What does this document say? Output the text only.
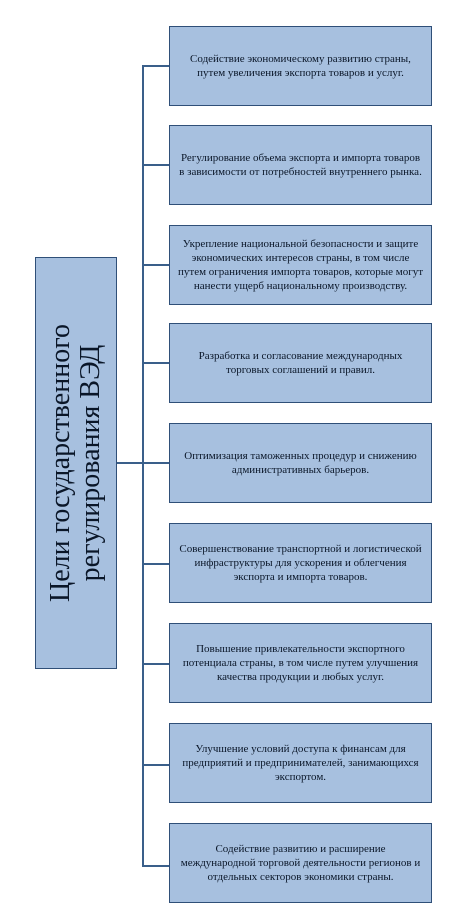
Цели государственного регулирования ВЭД
Содействие экономическому развитию страны, путем увеличения экспорта товаров и услуг.
Регулирование объема экспорта и импорта товаров в зависимости от потребностей внутреннего рынка.
Укрепление национальной безопасности и защите экономических интересов страны, в том числе путем ограничения импорта товаров, которые могут нанести ущерб национальному производству.
Разработка и согласование международных торговых соглашений и правил.
Оптимизация таможенных процедур и снижению административных барьеров.
Совершенствование транспортной и логистической инфраструктуры для ускорения и облегчения экспорта и импорта товаров.
Повышение привлекательности экспортного потенциала страны, в том числе путем улучшения качества продукции и любых услуг.
Улучшение условий доступа к финансам для предприятий и предпринимателей, занимающихся экспортом.
Содействие развитию и расширение международной торговой деятельности регионов и отдельных секторов экономики страны.
